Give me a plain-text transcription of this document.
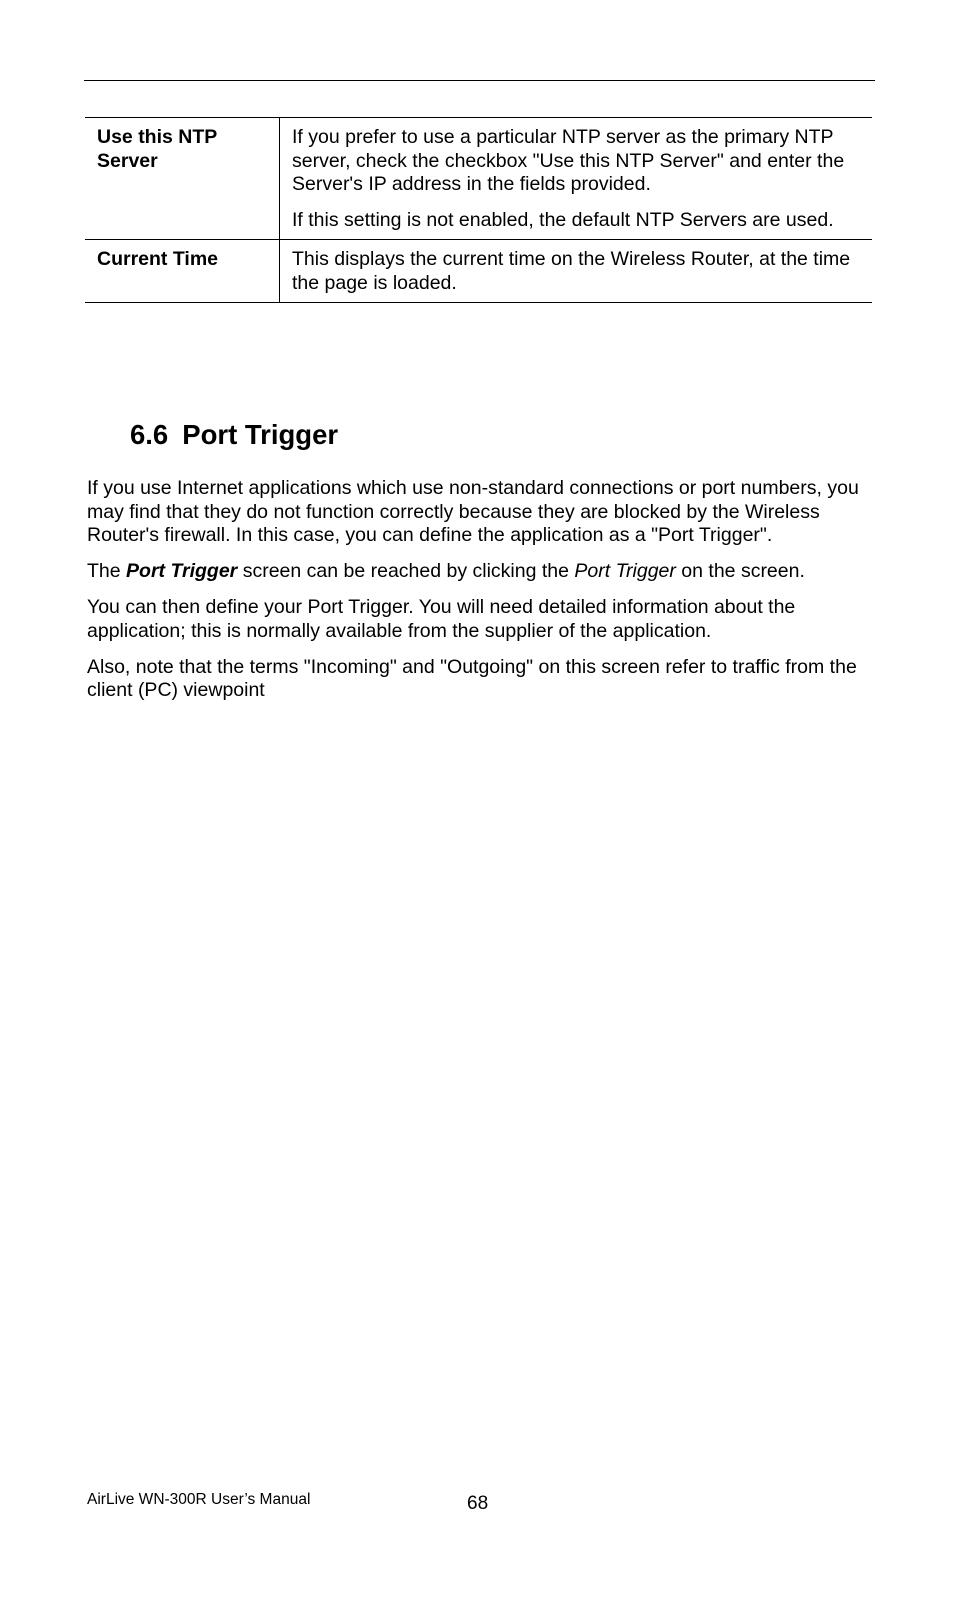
Use this NTP Server	If you prefer to use a particular NTP server as the primary NTP server, check the checkbox "Use this NTP Server" and enter the Server's IP address in the fields provided.

If this setting is not enabled, the default NTP Servers are used.

Current Time	This displays the current time on the Wireless Router, at the time the page is loaded.

6.6 Port Trigger

If you use Internet applications which use non-standard connections or port numbers, you may find that they do not function correctly because they are blocked by the Wireless Router's firewall. In this case, you can define the application as a "Port Trigger".

The Port Trigger screen can be reached by clicking the Port Trigger on the screen.

You can then define your Port Trigger. You will need detailed information about the application; this is normally available from the supplier of the application.

Also, note that the terms "Incoming" and "Outgoing" on this screen refer to traffic from the client (PC) viewpoint

AirLive WN-300R User’s Manual	68
